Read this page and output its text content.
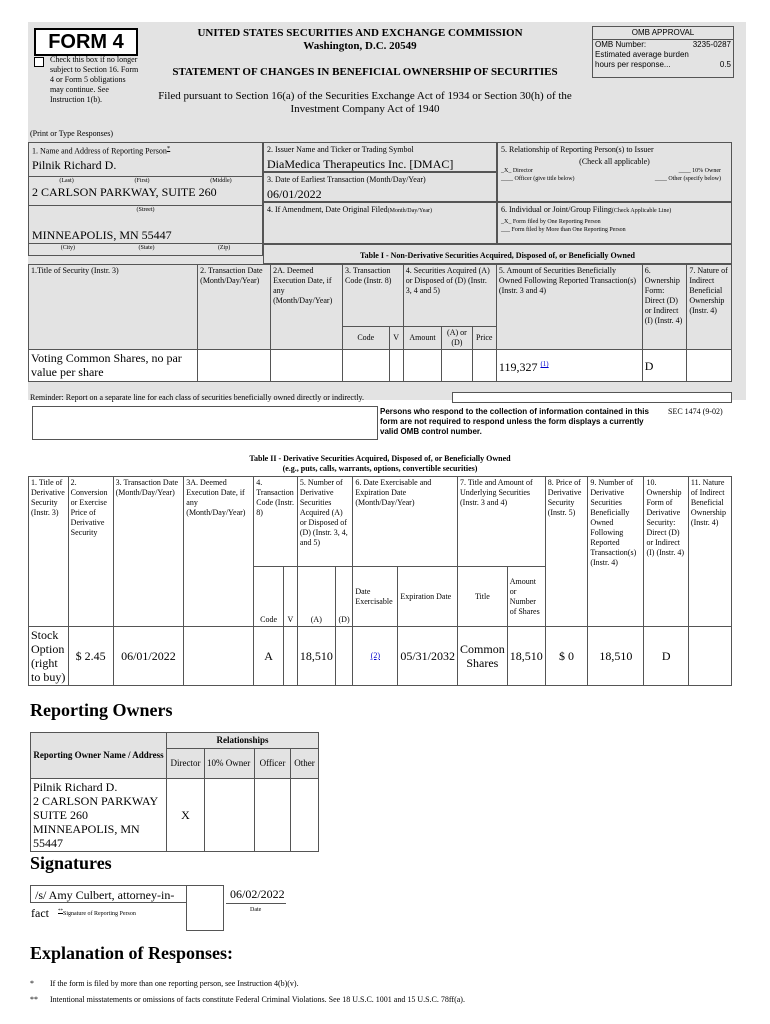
FORM 4
Check this box if no longer subject to Section 16. Form 4 or Form 5 obligations may continue. See Instruction 1(b).
UNITED STATES SECURITIES AND EXCHANGE COMMISSION
Washington, D.C. 20549
STATEMENT OF CHANGES IN BENEFICIAL OWNERSHIP OF SECURITIES
Filed pursuant to Section 16(a) of the Securities Exchange Act of 1934 or Section 30(h) of the Investment Company Act of 1940
OMB APPROVAL
OMB Number:	3235-0287
Estimated average burden
hours per response...	0.5
(Print or Type Responses)
1. Name and Address of Reporting Person*
Pilnik Richard D.
(Last)	(First)	(Middle)
2 CARLSON PARKWAY, SUITE 260
(Street)
MINNEAPOLIS, MN 55447
(City)	(State)	(Zip)
2. Issuer Name and Ticker or Trading Symbol
DiaMedica Therapeutics Inc. [DMAC]
3. Date of Earliest Transaction (Month/Day/Year)
06/01/2022
4. If Amendment, Date Original Filed(Month/Day/Year)
5. Relationship of Reporting Person(s) to Issuer
(Check all applicable)
_X_ Director	____ 10% Owner
____ Officer (give title below)	____ Other (specify below)
6. Individual or Joint/Group Filing(Check Applicable Line)
_X_ Form filed by One Reporting Person
___ Form filed by More than One Reporting Person
Table I - Non-Derivative Securities Acquired, Disposed of, or Beneficially Owned
1.Title of Security (Instr. 3)	2. Transaction Date (Month/Day/Year)	2A. Deemed Execution Date, if any (Month/Day/Year)	3. Transaction Code (Instr. 8)		4. Securities Acquired (A) or Disposed of (D) (Instr. 3, 4 and 5)			5. Amount of Securities Beneficially Owned Following Reported Transaction(s) (Instr. 3 and 4)	6. Ownership Form: Direct (D) or Indirect (I) (Instr. 4)	7. Nature of Indirect Beneficial Ownership (Instr. 4)
			Code	V	Amount	(A) or (D)	Price			
Voting Common Shares, no par value per share								119,327 $^{(1)}$	D	
Reminder: Report on a separate line for each class of securities beneficially owned directly or indirectly.
Persons who respond to the collection of information contained in this form are not required to respond unless the form displays a currently valid OMB control number.
SEC 1474 (9-02)
Table II - Derivative Securities Acquired, Disposed of, or Beneficially Owned
(e.g., puts, calls, warrants, options, convertible securities)
1. Title of Derivative Security (Instr. 3)	2. Conversion or Exercise Price of Derivative Security	3. Transaction Date (Month/Day/Year)	3A. Deemed Execution Date, if any (Month/Day/Year)	4. Transaction Code (Instr. 8)		5. Number of Derivative Securities Acquired (A) or Disposed of (D) (Instr. 3, 4, and 5)		6. Date Exercisable and Expiration Date (Month/Day/Year)		7. Title and Amount of Underlying Securities (Instr. 3 and 4)		8. Price of Derivative Security (Instr. 5)	9. Number of Derivative Securities Beneficially Owned Following Reported Transaction(s) (Instr. 4)	10. Ownership Form of Derivative Security: Direct (D) or Indirect (I) (Instr. 4)	11. Nature of Indirect Beneficial Ownership (Instr. 4)
				Code	V	(A)	(D)	Date Exercisable	Expiration Date	Title	Amount or Number of Shares				
Stock Option (right to buy)	$ 2.45	06/01/2022		A		18,510		(2)	05/31/2032	Common Shares	18,510	$ 0	18,510	D	
Reporting Owners
Reporting Owner Name / Address	Relationships			
	Director	10% Owner	Officer	Other

Pilnik Richard D.
2 CARLSON PARKWAY
SUITE 260
MINNEAPOLIS, MN 55447	X			
Signatures
/s/ Amy Culbert, attorney-in-fact	**Signature of Reporting Person
06/02/2022
Date
Explanation of Responses:
* If the form is filed by more than one reporting person, see Instruction 4(b)(v).
** Intentional misstatements or omissions of facts constitute Federal Criminal Violations. See 18 U.S.C. 1001 and 15 U.S.C. 78ff(a).
